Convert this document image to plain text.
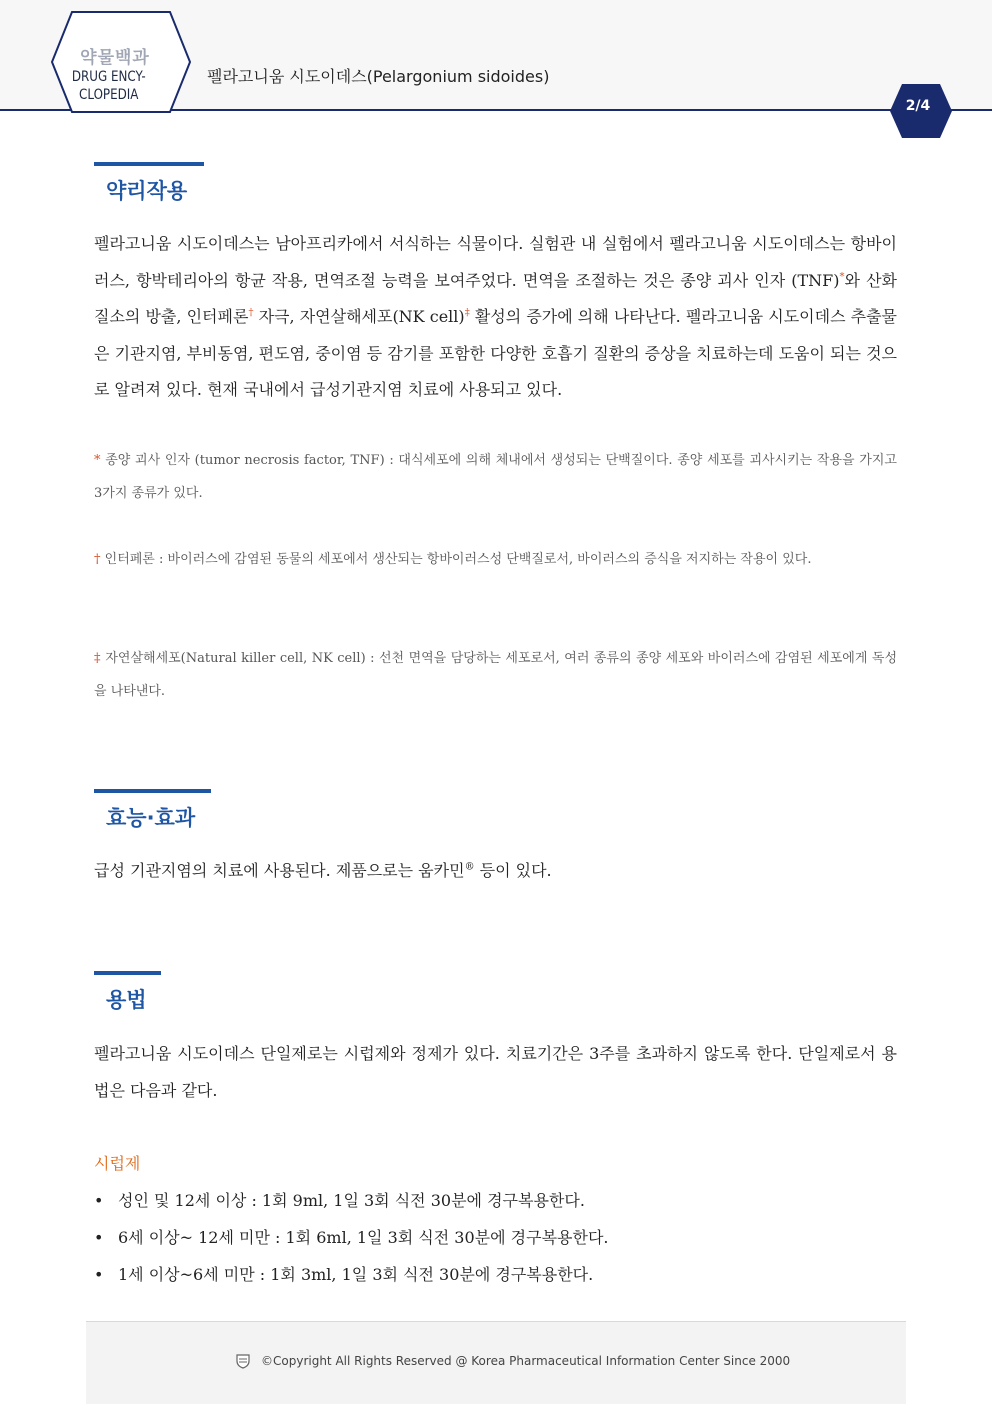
약물백과
DRUG ENCY-
CLOPEDIA
펠라고니움 시도이데스(Pelargonium sidoides)
2/4
약리작용

펠라고니움 시도이데스는 남아프리카에서 서식하는 식물이다. 실험관 내 실험에서 펠라고니움 시도이데스는 항바이러스, 항박테리아의 항균 작용, 면역조절 능력을 보여주었다. 면역을 조절하는 것은 종양 괴사 인자 (TNF)*와 산화질소의 방출, 인터페론† 자극, 자연살해세포(NK cell)‡ 활성의 증가에 의해 나타난다. 펠라고니움 시도이데스 추출물은 기관지염, 부비동염, 편도염, 중이염 등 감기를 포함한 다양한 호흡기 질환의 증상을 치료하는데 도움이 되는 것으로 알려져 있다. 현재 국내에서 급성기관지염 치료에 사용되고 있다.

* 종양 괴사 인자 (tumor necrosis factor, TNF) : 대식세포에 의해 체내에서 생성되는 단백질이다. 종양 세포를 괴사시키는 작용을 가지고 3가지 종류가 있다.

† 인터페론 : 바이러스에 감염된 동물의 세포에서 생산되는 항바이러스성 단백질로서, 바이러스의 증식을 저지하는 작용이 있다.

‡ 자연살해세포(Natural killer cell, NK cell) : 선천 면역을 담당하는 세포로서, 여러 종류의 종양 세포와 바이러스에 감염된 세포에게 독성을 나타낸다.

효능·효과

급성 기관지염의 치료에 사용된다. 제품으로는 움카민® 등이 있다.

용법

펠라고니움 시도이데스 단일제로는 시럽제와 정제가 있다. 치료기간은 3주를 초과하지 않도록 한다. 단일제로서 용법은 다음과 같다.

시럽제
• 성인 및 12세 이상 : 1회 9ml, 1일 3회 식전 30분에 경구복용한다.
• 6세 이상~ 12세 미만 : 1회 6ml, 1일 3회 식전 30분에 경구복용한다.
• 1세 이상~6세 미만 : 1회 3ml, 1일 3회 식전 30분에 경구복용한다.
©Copyright All Rights Reserved @ Korea Pharmaceutical Information Center Since 2000
